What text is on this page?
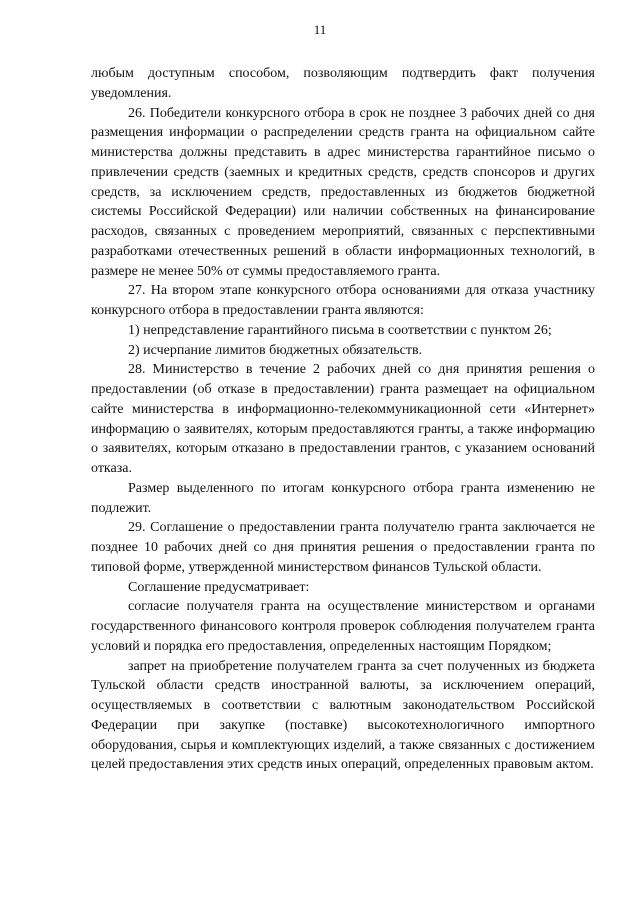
11

любым доступным способом, позволяющим подтвердить факт получения уведомления.

26. Победители конкурсного отбора в срок не позднее 3 рабочих дней со дня размещения информации о распределении средств гранта на официальном сайте министерства должны представить в адрес министерства гарантийное письмо о привлечении средств (заемных и кредитных средств, средств спонсоров и других средств, за исключением средств, предоставленных из бюджетов бюджетной системы Российской Федерации) или наличии собственных на финансирование расходов, связанных с проведением мероприятий, связанных с перспективными разработками отечественных решений в области информационных технологий, в размере не менее 50% от суммы предоставляемого гранта.

27. На втором этапе конкурсного отбора основаниями для отказа участнику конкурсного отбора в предоставлении гранта являются:

1) непредставление гарантийного письма в соответствии с пунктом 26;

2) исчерпание лимитов бюджетных обязательств.

28. Министерство в течение 2 рабочих дней со дня принятия решения о предоставлении (об отказе в предоставлении) гранта размещает на официальном сайте министерства в информационно-телекоммуникационной сети «Интернет» информацию о заявителях, которым предоставляются гранты, а также информацию о заявителях, которым отказано в предоставлении грантов, с указанием оснований отказа.

Размер выделенного по итогам конкурсного отбора гранта изменению не подлежит.

29. Соглашение о предоставлении гранта получателю гранта заключается не позднее 10 рабочих дней со дня принятия решения о предоставлении гранта по типовой форме, утвержденной министерством финансов Тульской области.

Соглашение предусматривает:

согласие получателя гранта на осуществление министерством и органами государственного финансового контроля проверок соблюдения получателем гранта условий и порядка его предоставления, определенных настоящим Порядком;

запрет на приобретение получателем гранта за счет полученных из бюджета Тульской области средств иностранной валюты, за исключением операций, осуществляемых в соответствии с валютным законодательством Российской Федерации при закупке (поставке) высокотехнологичного импортного оборудования, сырья и комплектующих изделий, а также связанных с достижением целей предоставления этих средств иных операций, определенных правовым актом.
